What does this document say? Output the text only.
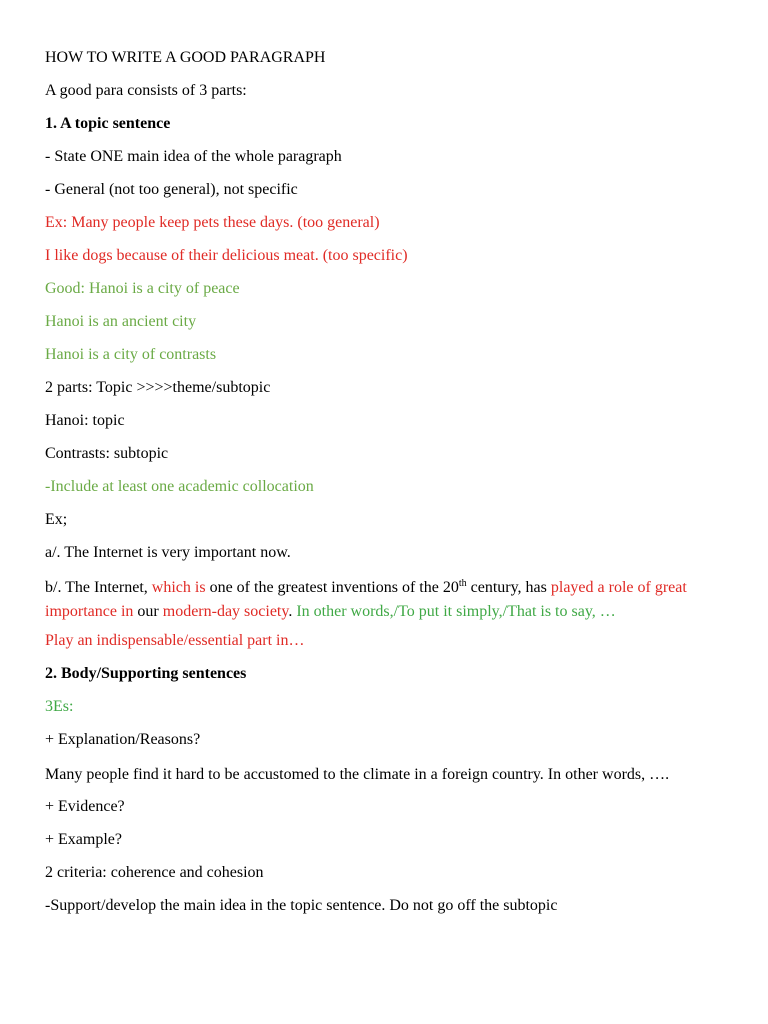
HOW TO WRITE A GOOD PARAGRAPH
A good para consists of 3 parts:
1. A topic sentence
- State ONE main idea of the whole paragraph
- General (not too general), not specific
Ex: Many people keep pets these days. (too general)
I like dogs because of their delicious meat. (too specific)
Good: Hanoi is a city of peace
Hanoi is an ancient city
Hanoi is a city of contrasts
2 parts: Topic >>>>theme/subtopic
Hanoi: topic
Contrasts: subtopic
-Include at least one academic collocation
Ex;
a/. The Internet is very important now.
b/. The Internet, which is one of the greatest inventions of the 20th century, has played a role of great importance in our modern-day society. In other words,/To put it simply,/That is to say, …
Play an indispensable/essential part in…
2. Body/Supporting sentences
3Es:
+ Explanation/Reasons?
Many people find it hard to be accustomed to the climate in a foreign country. In other words, ….
+ Evidence?
+ Example?
2 criteria: coherence and cohesion
-Support/develop the main idea in the topic sentence. Do not go off the subtopic
